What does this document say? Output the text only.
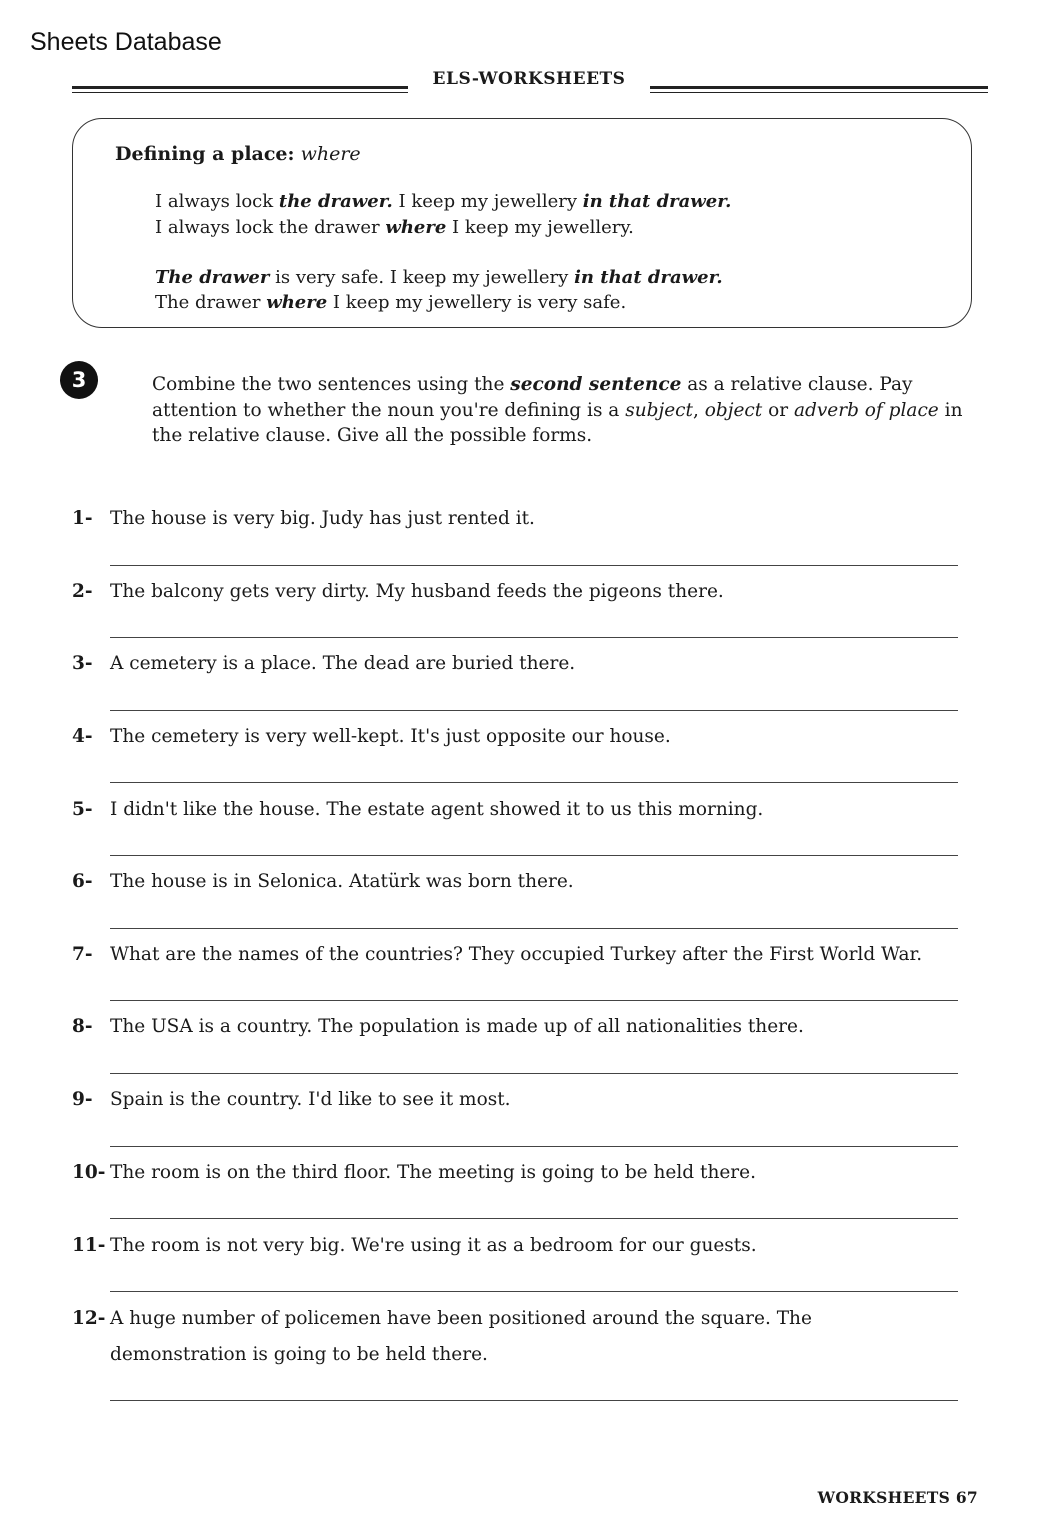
Sheets Database
ELS-WORKSHEETS
Defining a place: where
I always lock the drawer. I keep my jewellery in that drawer.
I always lock the drawer where I keep my jewellery.
The drawer is very safe. I keep my jewellery in that drawer.
The drawer where I keep my jewellery is very safe.
3	Combine the two sentences using the second sentence as a relative clause. Pay attention to whether the noun you're defining is a subject, object or adverb of place in the relative clause. Give all the possible forms.
1- The house is very big. Judy has just rented it.
2- The balcony gets very dirty. My husband feeds the pigeons there.
3- A cemetery is a place. The dead are buried there.
4- The cemetery is very well-kept. It's just opposite our house.
5- I didn't like the house. The estate agent showed it to us this morning.
6- The house is in Selonica. Atatürk was born there.
7- What are the names of the countries? They occupied Turkey after the First World War.
8- The USA is a country. The population is made up of all nationalities there.
9- Spain is the country. I'd like to see it most.
10- The room is on the third floor. The meeting is going to be held there.
11- The room is not very big. We're using it as a bedroom for our guests.
12- A huge number of policemen have been positioned around the square. The
demonstration is going to be held there.
WORKSHEETS 67
